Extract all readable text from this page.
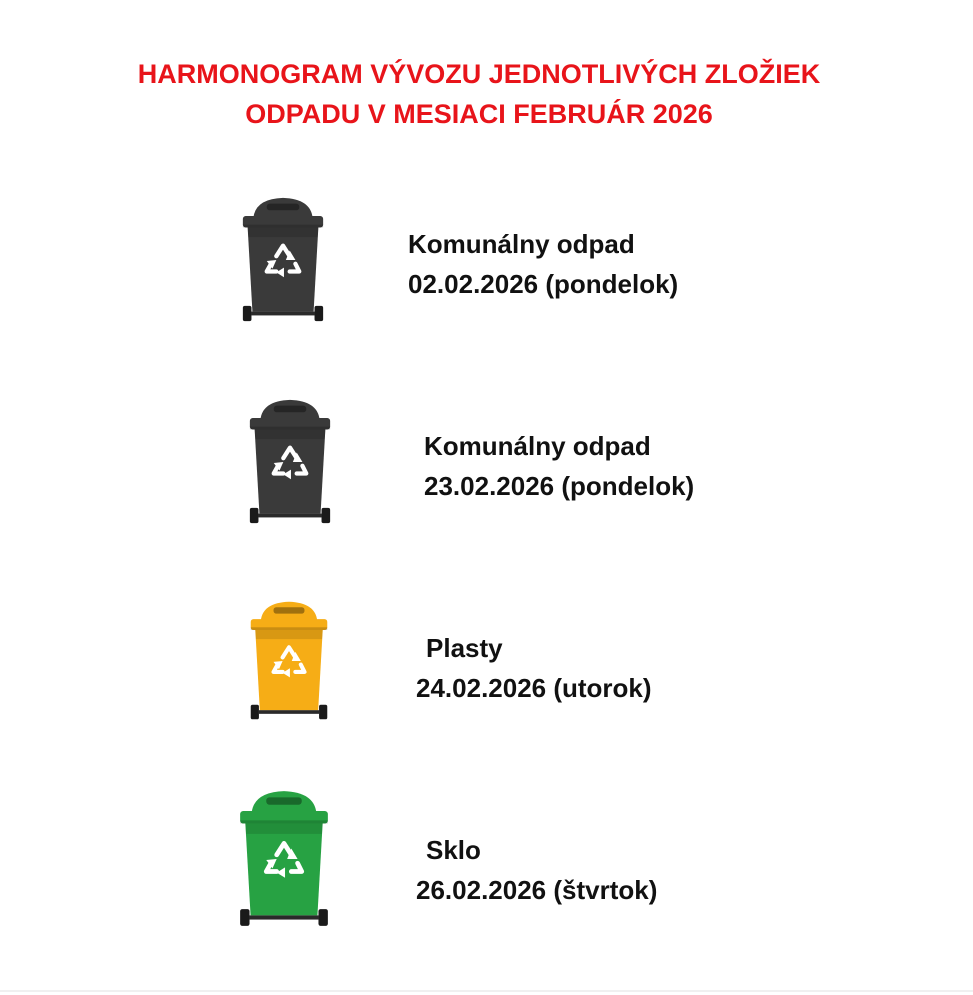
HARMONOGRAM VÝVOZU JEDNOTLIVÝCH ZLOŽIEK
ODPADU V MESIACI FEBRUÁR 2026
Komunálny odpad
02.02.2026 (pondelok)
Komunálny odpad
23.02.2026 (pondelok)
Plasty
24.02.2026 (utorok)
Sklo
26.02.2026 (štvrtok)
